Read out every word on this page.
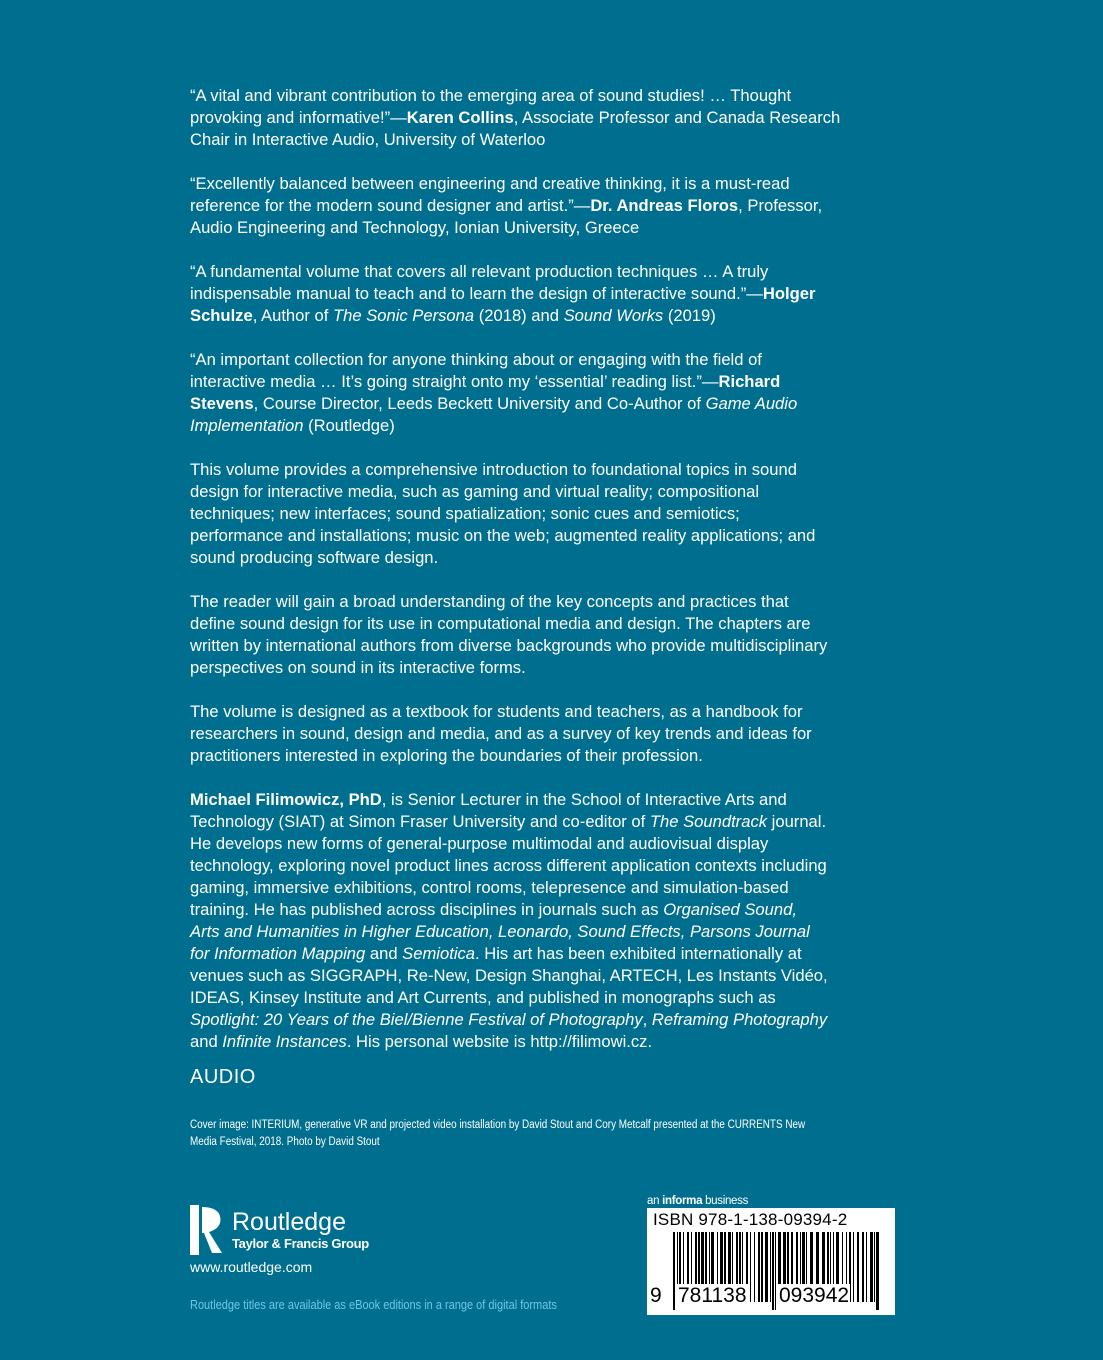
“A vital and vibrant contribution to the emerging area of sound studies! … Thought
provoking and informative!”—Karen Collins, Associate Professor and Canada Research
Chair in Interactive Audio, University of Waterloo

“Excellently balanced between engineering and creative thinking, it is a must-read
reference for the modern sound designer and artist.”—Dr. Andreas Floros, Professor,
Audio Engineering and Technology, Ionian University, Greece

“A fundamental volume that covers all relevant production techniques … A truly
indispensable manual to teach and to learn the design of interactive sound.”—Holger
Schulze, Author of The Sonic Persona (2018) and Sound Works (2019)

“An important collection for anyone thinking about or engaging with the field of
interactive media … It’s going straight onto my ‘essential’ reading list.”—Richard
Stevens, Course Director, Leeds Beckett University and Co-Author of Game Audio
Implementation (Routledge)

This volume provides a comprehensive introduction to foundational topics in sound
design for interactive media, such as gaming and virtual reality; compositional
techniques; new interfaces; sound spatialization; sonic cues and semiotics;
performance and installations; music on the web; augmented reality applications; and
sound producing software design.

The reader will gain a broad understanding of the key concepts and practices that
define sound design for its use in computational media and design. The chapters are
written by international authors from diverse backgrounds who provide multidisciplinary
perspectives on sound in its interactive forms.

The volume is designed as a textbook for students and teachers, as a handbook for
researchers in sound, design and media, and as a survey of key trends and ideas for
practitioners interested in exploring the boundaries of their profession.

Michael Filimowicz, PhD, is Senior Lecturer in the School of Interactive Arts and
Technology (SIAT) at Simon Fraser University and co-editor of The Soundtrack journal.
He develops new forms of general-purpose multimodal and audiovisual display
technology, exploring novel product lines across different application contexts including
gaming, immersive exhibitions, control rooms, telepresence and simulation-based
training. He has published across disciplines in journals such as Organised Sound,
Arts and Humanities in Higher Education, Leonardo, Sound Effects, Parsons Journal
for Information Mapping and Semiotica. His art has been exhibited internationally at
venues such as SIGGRAPH, Re-New, Design Shanghai, ARTECH, Les Instants Vidéo,
IDEAS, Kinsey Institute and Art Currents, and published in monographs such as
Spotlight: 20 Years of the Biel/Bienne Festival of Photography, Reframing Photography
and Infinite Instances. His personal website is http://filimowi.cz.

AUDIO
Cover image: INTERIUM, generative VR and projected video installation by David Stout and Cory Metcalf presented at the CURRENTS New
Media Festival, 2018. Photo by David Stout
Routledge
Taylor & Francis Group
www.routledge.com
Routledge titles are available as eBook editions in a range of digital formats
an informa business
ISBN 978-1-138-09394-2
9 781138 093942
